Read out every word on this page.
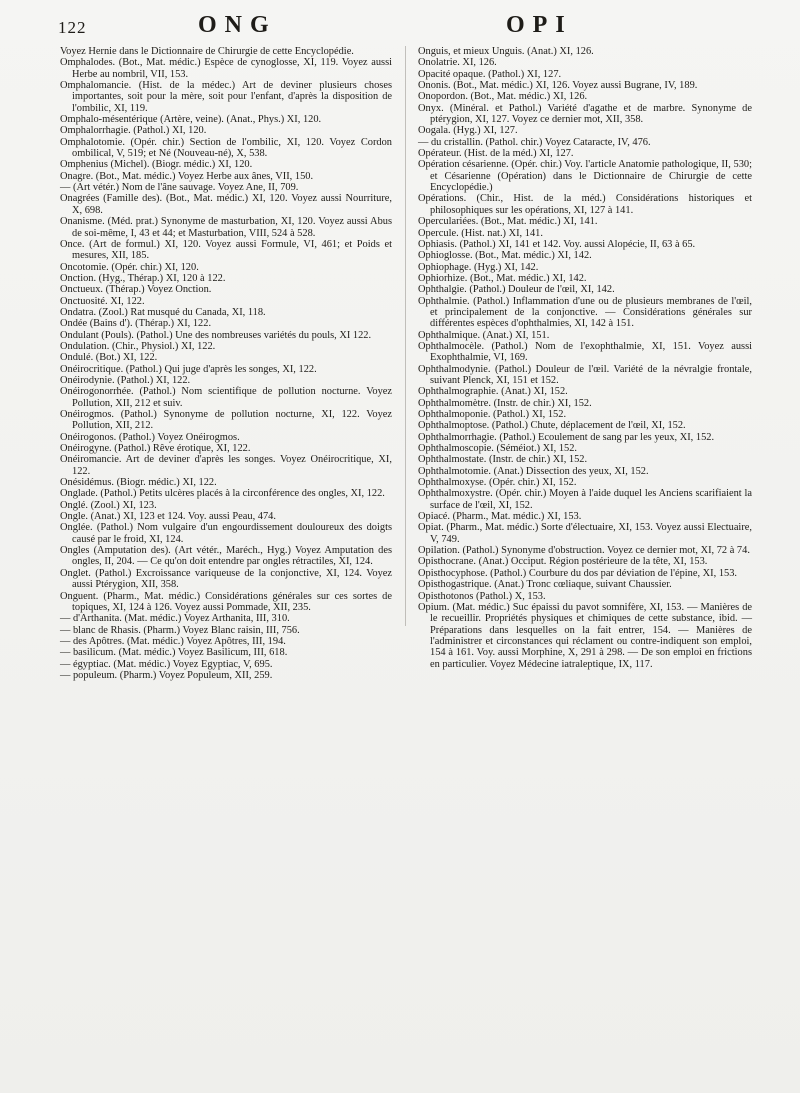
122	ONG	OPI

Voyez Hernie dans le Dictionnaire de Chirurgie de cette Encyclopédie.

Omphalodes. (Bot., Mat. médic.) Espèce de cynoglosse, XI, 119. Voyez aussi Herbe au nombril, VII, 153.

Omphalomancie. (Hist. de la médec.) Art de deviner plusieurs choses importantes, soit pour la mère, soit pour l'enfant, d'après la disposition de l'ombilic, XI, 119.

Omphalo-mésentérique (Artère, veine). (Anat., Phys.) XI, 120.

Omphalorrhagie. (Pathol.) XI, 120.

Omphalotomie. (Opér. chir.) Section de l'ombilic, XI, 120. Voyez Cordon ombilical, V, 519; et Né (Nouveau-né), X, 538.

Omphenius (Michel). (Biogr. médic.) XI, 120.

Onagre. (Bot., Mat. médic.) Voyez Herbe aux ânes, VII, 150.

— (Art vétér.) Nom de l'âne sauvage. Voyez Ane, II, 709.

Onagrées (Famille des). (Bot., Mat. médic.) XI, 120. Voyez aussi Nourriture, X, 698.

Onanisme. (Méd. prat.) Synonyme de masturbation, XI, 120. Voyez aussi Abus de soi-même, I, 43 et 44; et Masturbation, VIII, 524 à 528.

Once. (Art de formul.) XI, 120. Voyez aussi Formule, VI, 461; et Poids et mesures, XII, 185.

Oncotomie. (Opér. chir.) XI, 120.

Onction. (Hyg., Thérap.) XI, 120 à 122.

Onctueux. (Thérap.) Voyez Onction.

Onctuosité. XI, 122.

Ondatra. (Zool.) Rat musqué du Canada, XI, 118.

Ondée (Bains d'). (Thérap.) XI, 122.

Ondulant (Pouls). (Pathol.) Une des nombreuses variétés du pouls, XI 122.

Ondulation. (Chir., Physiol.) XI, 122.

Ondulé. (Bot.) XI, 122.

Onéirocritique. (Pathol.) Qui juge d'après les songes, XI, 122.

Onéirodynie. (Pathol.) XI, 122.

Onéirogonorrhée. (Pathol.) Nom scientifique de pollution nocturne. Voyez Pollution, XII, 212 et suiv.

Onéirogmos. (Pathol.) Synonyme de pollution nocturne, XI, 122. Voyez Pollution, XII, 212.

Onéirogonos. (Pathol.) Voyez Onéirogmos.

Onéirogyne. (Pathol.) Rêve érotique, XI, 122.

Onéiromancie. Art de deviner d'après les songes. Voyez Onéirocritique, XI, 122.

Onésidémus. (Biogr. médic.) XI, 122.

Onglade. (Pathol.) Petits ulcères placés à la circonférence des ongles, XI, 122.

Onglé. (Zool.) XI, 123.

Ongle. (Anat.) XI, 123 et 124. Voy. aussi Peau, 474.

Onglée. (Pathol.) Nom vulgaire d'un engourdissement douloureux des doigts causé par le froid, XI, 124.

Ongles (Amputation des). (Art vétér., Maréch., Hyg.) Voyez Amputation des ongles, II, 204. — Ce qu'on doit entendre par ongles rétractiles, XI, 124.

Onglet. (Pathol.) Excroissance variqueuse de la conjonctive, XI, 124. Voyez aussi Ptérygion, XII, 358.

Onguent. (Pharm., Mat. médic.) Considérations générales sur ces sortes de topiques, XI, 124 à 126. Voyez aussi Pommade, XII, 235.

— d'Arthanita. (Mat. médic.) Voyez Arthanita, III, 310.

— blanc de Rhasis. (Pharm.) Voyez Blanc raisin, III, 756.

— des Apôtres. (Mat. médic.) Voyez Apôtres, III, 194.

— basilicum. (Mat. médic.) Voyez Basilicum, III, 618.

— égyptiac. (Mat. médic.) Voyez Egyptiac, V, 695.

— populeum. (Pharm.) Voyez Populeum, XII, 259.

Onguis, et mieux Unguis. (Anat.) XI, 126.

Onolatrie. XI, 126.

Opacité opaque. (Pathol.) XI, 127.

Ononis. (Bot., Mat. médic.) XI, 126. Voyez aussi Bugrane, IV, 189.

Onopordon. (Bot., Mat. médic.) XI, 126.

Onyx. (Minéral. et Pathol.) Variété d'agathe et de marbre. Synonyme de ptérygion, XI, 127. Voyez ce dernier mot, XII, 358.

Oogala. (Hyg.) XI, 127.

— du cristallin. (Pathol. chir.) Voyez Cataracte, IV, 476.

Opérateur. (Hist. de la méd.) XI, 127.

Opération césarienne. (Opér. chir.) Voy. l'article Anatomie pathologique, II, 530; et Césarienne (Opération) dans le Dictionnaire de Chirurgie de cette Encyclopédie.)

Opérations. (Chir., Hist. de la méd.) Considérations historiques et philosophiques sur les opérations, XI, 127 à 141.

Operculariées. (Bot., Mat. médic.) XI, 141.

Opercule. (Hist. nat.) XI, 141.

Ophiasis. (Pathol.) XI, 141 et 142. Voy. aussi Alopécie, II, 63 à 65.

Ophioglosse. (Bot., Mat. médic.) XI, 142.

Ophiophage. (Hyg.) XI, 142.

Ophiorhize. (Bot., Mat. médic.) XI, 142.

Ophthalgie. (Pathol.) Douleur de l'œil, XI, 142.

Ophthalmie. (Pathol.) Inflammation d'une ou de plusieurs membranes de l'œil, et principalement de la conjonctive. — Considérations générales sur différentes espèces d'ophthalmies, XI, 142 à 151.

Ophthalmique. (Anat.) XI, 151.

Ophthalmocèle. (Pathol.) Nom de l'exophthalmie, XI, 151. Voyez aussi Exophthalmie, VI, 169.

Ophthalmodynie. (Pathol.) Douleur de l'œil. Variété de la névralgie frontale, suivant Plenck, XI, 151 et 152.

Ophthalmographie. (Anat.) XI, 152.

Ophthalmomètre. (Instr. de chir.) XI, 152.

Ophthalmoponie. (Pathol.) XI, 152.

Ophthalmoptose. (Pathol.) Chute, déplacement de l'œil, XI, 152.

Ophthalmorrhagie. (Pathol.) Ecoulement de sang par les yeux, XI, 152.

Ophthalmoscopie. (Séméiot.) XI, 152.

Ophthalmostate. (Instr. de chir.) XI, 152.

Ophthalmotomie. (Anat.) Dissection des yeux, XI, 152.

Ophthalmoxyse. (Opér. chir.) XI, 152.

Ophthalmoxystre. (Opér. chir.) Moyen à l'aide duquel les Anciens scarifiaient la surface de l'œil, XI, 152.

Opiacé. (Pharm., Mat. médic.) XI, 153.

Opiat. (Pharm., Mat. médic.) Sorte d'électuaire, XI, 153. Voyez aussi Electuaire, V, 749.

Opilation. (Pathol.) Synonyme d'obstruction. Voyez ce dernier mot, XI, 72 à 74.

Opisthocrane. (Anat.) Occiput. Région postérieure de la tête, XI, 153.

Opisthocyphose. (Pathol.) Courbure du dos par déviation de l'épine, XI, 153.

Opisthogastrique. (Anat.) Tronc cœliaque, suivant Chaussier.

Opisthotonos (Pathol.) X, 153.

Opium. (Mat. médic.) Suc épaissi du pavot somnifère, XI, 153. — Manières de le recueillir. Propriétés physiques et chimiques de cette substance, ibid. — Préparations dans lesquelles on la fait entrer, 154. — Manières de l'administrer et circonstances qui réclament ou contre-indiquent son emploi, 154 à 161. Voy. aussi Morphine, X, 291 à 298. — De son emploi en frictions en particulier. Voyez Médecine iatraleptique, IX, 117.
